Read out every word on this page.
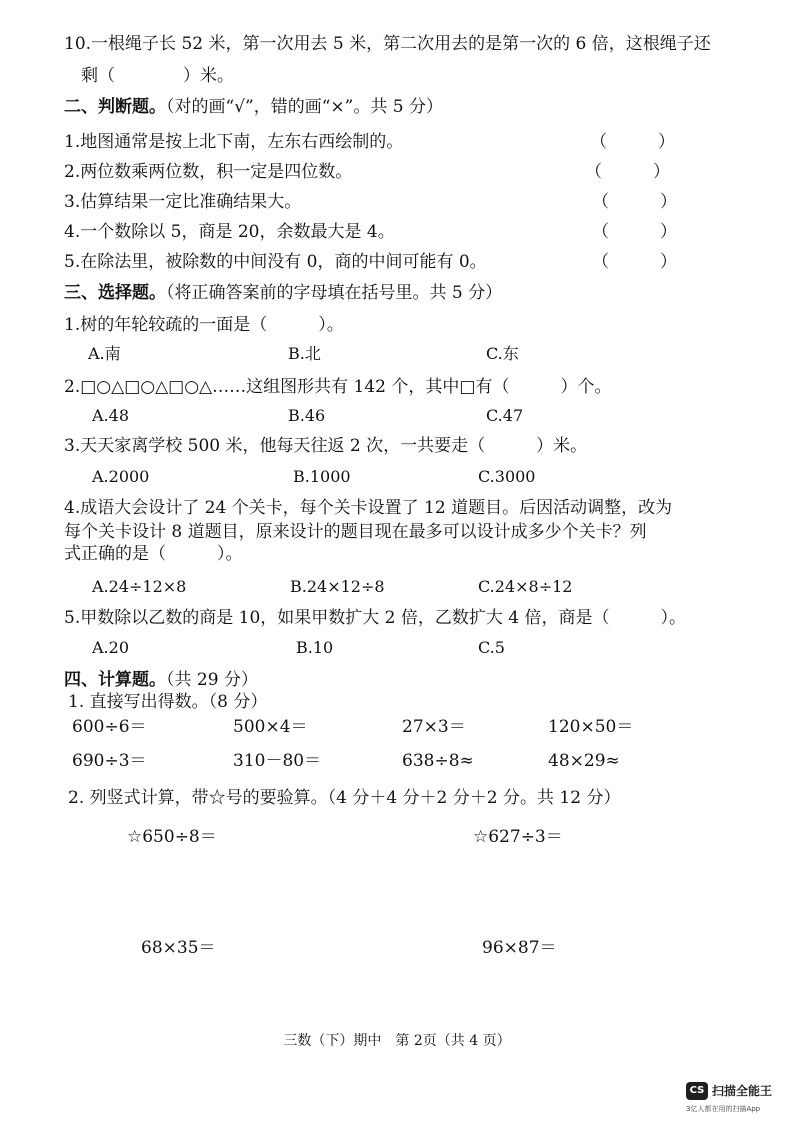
10.一根绳子长 52 米，第一次用去 5 米，第二次用去的是第一次的 6 倍，这根绳子还
剩（　　　　）米。
二、判断题。（对的画“√”，错的画“×”。共 5 分）
1.地图通常是按上北下南，左东右西绘制的。	（　　　）
2.两位数乘两位数，积一定是四位数。	（　　　）
3.估算结果一定比准确结果大。	（　　　）
4.一个数除以 5，商是 20，余数最大是 4。	（　　　）
5.在除法里，被除数的中间没有 0，商的中间可能有 0。	（　　　）
三、选择题。（将正确答案前的字母填在括号里。共 5 分）
1.树的年轮较疏的一面是（　　　）。
A.南	B.北	C.东
2.□○△□○△□○△……这组图形共有 142 个，其中□有（　　　）个。
A.48	B.46	C.47
3.天天家离学校 500 米，他每天往返 2 次，一共要走（　　　）米。
A.2000	B.1000	C.3000
4.成语大会设计了 24 个关卡，每个关卡设置了 12 道题目。后因活动调整，改为
每个关卡设计 8 道题目，原来设计的题目现在最多可以设计成多少个关卡？列
式正确的是（　　　）。
A.24÷12×8	B.24×12÷8	C.24×8÷12
5.甲数除以乙数的商是 10，如果甲数扩大 2 倍，乙数扩大 4 倍，商是（　　　）。
A.20	B.10	C.5
四、计算题。（共 29 分）
1. 直接写出得数。（8 分）
600÷6＝	500×4＝	27×3＝	120×50＝
690÷3＝	310－80＝	638÷8≈	48×29≈
2. 列竖式计算，带☆号的要验算。（4 分＋4 分＋2 分＋2 分。共 12 分）
☆650÷8＝	☆627÷3＝
68×35＝	96×87＝
三数（下）期中　第 2页（共 4 页）
CS 扫描全能王
3亿人都在用的扫描App
